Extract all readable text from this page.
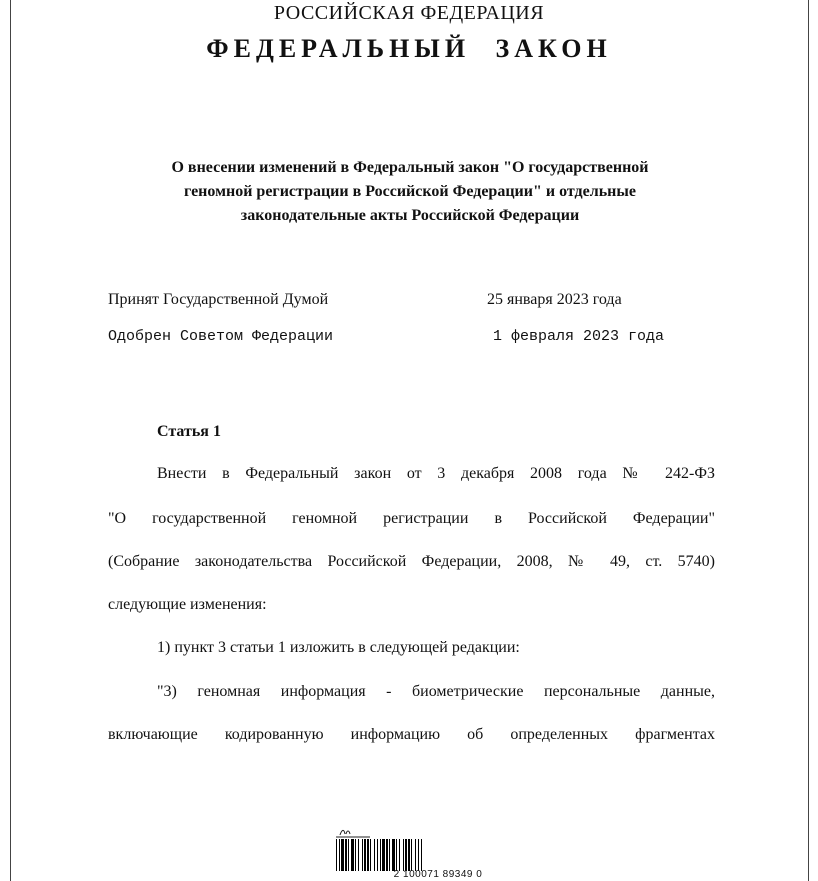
РОССИЙСКАЯ ФЕДЕРАЦИЯ

ФЕДЕРАЛЬНЫЙ ЗАКОН

О внесении изменений в Федеральный закон "О государственной
геномной регистрации в Российской Федерации" и отдельные
законодательные акты Российской Федерации

Принят Государственной Думой	25 января 2023 года

Одобрен Советом Федерации	1 февраля 2023 года

Статья 1

Внести в Федеральный закон от 3 декабря 2008 года № 242-ФЗ

"О государственной геномной регистрации в Российской Федерации"

(Собрание законодательства Российской Федерации, 2008, № 49, ст. 5740)

следующие изменения:

1) пункт 3 статьи 1 изложить в следующей редакции:

"3) геномная информация - биометрические персональные данные,

включающие кодированную информацию об определенных фрагментах

2 100071 89349 0
